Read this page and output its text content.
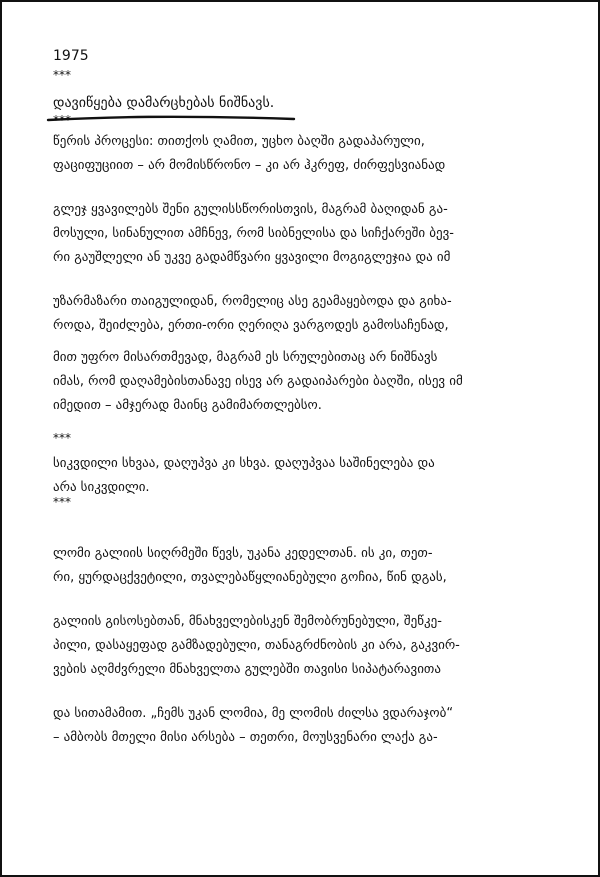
1975

***

დავიწყება დამარცხებას ნიშნავს.

***

წერის პროცესი: თითქოს ღამით, უცხო ბაღში გადაპარული,

ფაციფუციით – არ მომისწრონო – კი არ ჰკრეფ, ძირფესვიანად

გლეჯ ყვავილებს შენი გულისსწორისთვის, მაგრამ ბაღიდან გა-

მოსული, სინანულით ამჩნევ, რომ სიბნელისა და სიჩქარეში ბევ-

რი გაუშლელი ან უკვე გადამწვარი ყვავილი მოგიგლეჯია და იმ

უზარმაზარი თაიგულიდან, რომელიც ასე გეამაყებოდა და გიხა-

როდა, შეიძლება, ერთი-ორი ღერიღა ვარგოდეს გამოსაჩენად,

მით უფრო მისართმევად, მაგრამ ეს სრულებითაც არ ნიშნავს

იმას, რომ დაღამებისთანავე ისევ არ გადაიპარები ბაღში, ისევ იმ

იმედით – ამჯერად მაინც გამიმართლებსო.

***

სიკვდილი სხვაა, დაღუპვა კი სხვა. დაღუპვაა საშინელება და

არა სიკვდილი.

***

ლომი გალიის სიღრმეში წევს, უკანა კედელთან. ის კი, თეთ-

რი, ყურდაცქვეტილი, თვალებაწყლიანებული გოჩია, წინ დგას,

გალიის გისოსებთან, მნახველებისკენ შემობრუნებული, შეწკე-

პილი, დასაყეფად გამზადებული, თანაგრძნობის კი არა, გაკვირ-

ვების აღმძვრელი მნახველთა გულებში თავისი სიპატარავითა

და სითამამით. „ჩემს უკან ლომია, მე ლომის ძილსა ვდარაჯობ“

– ამბობს მთელი მისი არსება – თეთრი, მოუსვენარი ლაქა გა-
